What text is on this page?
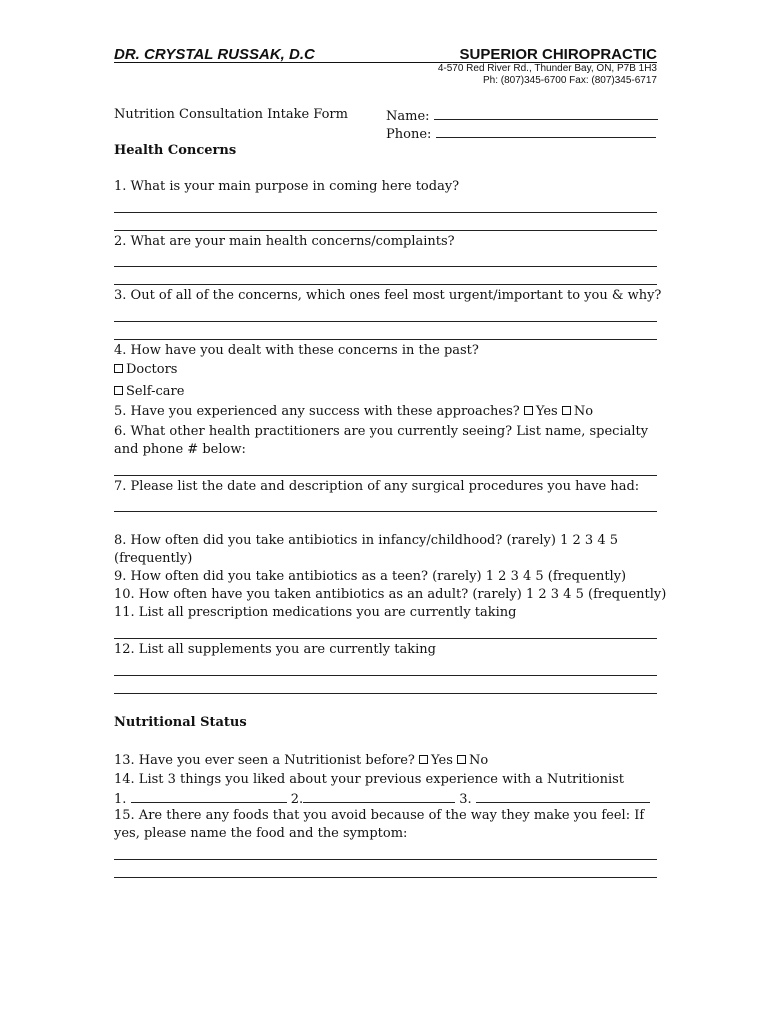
DR. CRYSTAL RUSSAK, D.C	SUPERIOR CHIROPRACTIC
4-570 Red River Rd., Thunder Bay, ON, P7B 1H3
Ph: (807)345-6700 Fax: (807)345-6717
Nutrition Consultation Intake Form	Name:
Phone:
Health Concerns
1. What is your main purpose in coming here today?
2. What are your main health concerns/complaints?
3. Out of all of the concerns, which ones feel most urgent/important to you & why?
4. How have you dealt with these concerns in the past?
Doctors
Self-care
5. Have you experienced any success with these approaches? Yes No
6. What other health practitioners are you currently seeing? List name, specialty and phone # below:
7. Please list the date and description of any surgical procedures you have had:
8. How often did you take antibiotics in infancy/childhood? (rarely) 1 2 3 4 5 (frequently)
9. How often did you take antibiotics as a teen? (rarely) 1 2 3 4 5 (frequently)
10. How often have you taken antibiotics as an adult? (rarely) 1 2 3 4 5 (frequently)
11. List all prescription medications you are currently taking
12. List all supplements you are currently taking
Nutritional Status
13. Have you ever seen a Nutritionist before? Yes No
14. List 3 things you liked about your previous experience with a Nutritionist
1.	2.	3.
15. Are there any foods that you avoid because of the way they make you feel: If yes, please name the food and the symptom:
